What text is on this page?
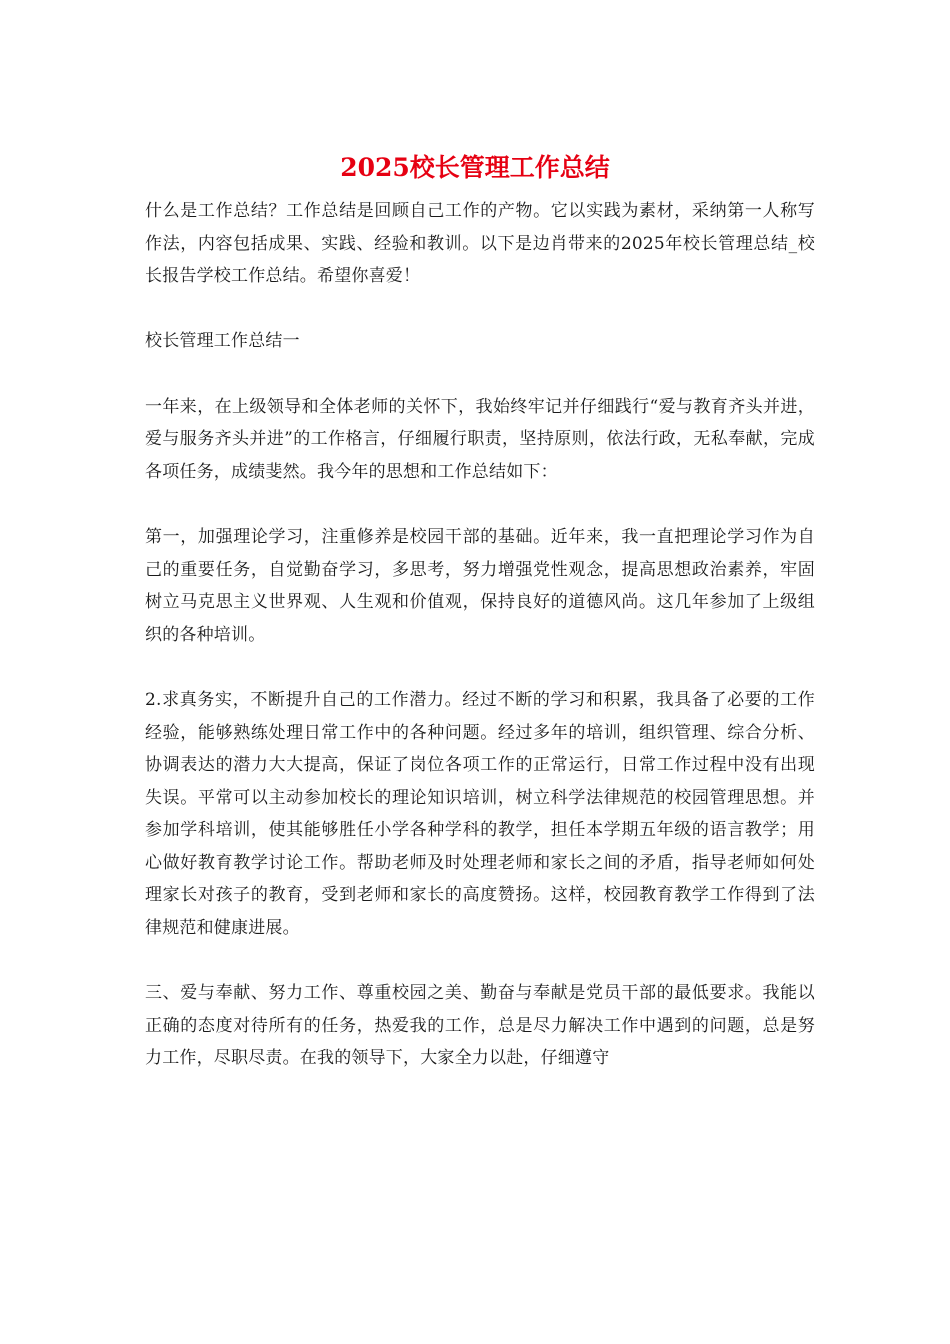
2025校长管理工作总结

什么是工作总结？工作总结是回顾自己工作的产物。它以实践为素材，采纳第一人称写作法，内容包括成果、实践、经验和教训。以下是边肖带来的2025年校长管理总结_校长报告学校工作总结。希望你喜爱！

校长管理工作总结一

一年来，在上级领导和全体老师的关怀下，我始终牢记并仔细践行“爱与教育齐头并进，爱与服务齐头并进”的工作格言，仔细履行职责，坚持原则，依法行政，无私奉献，完成各项任务，成绩斐然。我今年的思想和工作总结如下：

第一，加强理论学习，注重修养是校园干部的基础。近年来，我一直把理论学习作为自己的重要任务，自觉勤奋学习，多思考，努力增强党性观念，提高思想政治素养，牢固树立马克思主义世界观、人生观和价值观，保持良好的道德风尚。这几年参加了上级组织的各种培训。

2.求真务实，不断提升自己的工作潜力。经过不断的学习和积累，我具备了必要的工作经验，能够熟练处理日常工作中的各种问题。经过多年的培训，组织管理、综合分析、协调表达的潜力大大提高，保证了岗位各项工作的正常运行，日常工作过程中没有出现失误。平常可以主动参加校长的理论知识培训，树立科学法律规范的校园管理思想。并参加学科培训，使其能够胜任小学各种学科的教学，担任本学期五年级的语言教学；用心做好教育教学讨论工作。帮助老师及时处理老师和家长之间的矛盾，指导老师如何处理家长对孩子的教育，受到老师和家长的高度赞扬。这样，校园教育教学工作得到了法律规范和健康进展。

三、爱与奉献、努力工作、尊重校园之美、勤奋与奉献是党员干部的最低要求。我能以正确的态度对待所有的任务，热爱我的工作，总是尽力解决工作中遇到的问题，总是努力工作，尽职尽责。在我的领导下，大家全力以赴，仔细遵守
